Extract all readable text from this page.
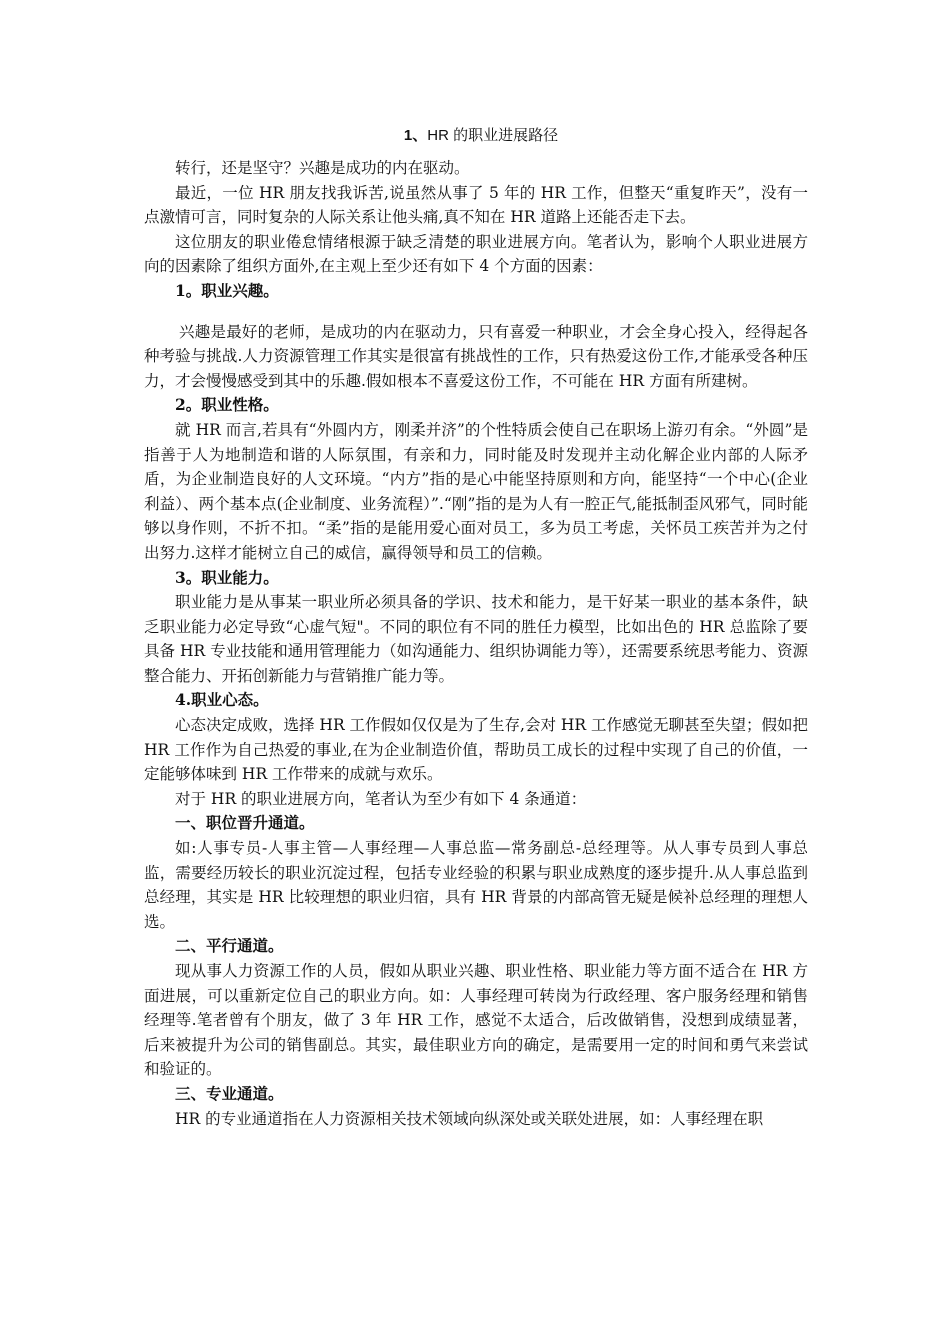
1、HR 的职业进展路径

转行，还是坚守？兴趣是成功的内在驱动。

最近，一位 HR 朋友找我诉苦,说虽然从事了 5 年的 HR 工作，但整天“重复昨天”，没有一点激情可言，同时复杂的人际关系让他头痛,真不知在 HR 道路上还能否走下去。

这位朋友的职业倦怠情绪根源于缺乏清楚的职业进展方向。笔者认为，影响个人职业进展方向的因素除了组织方面外,在主观上至少还有如下 4 个方面的因素：

1。职业兴趣。

兴趣是最好的老师，是成功的内在驱动力，只有喜爱一种职业，才会全身心投入，经得起各种考验与挑战.人力资源管理工作其实是很富有挑战性的工作，只有热爱这份工作,才能承受各种压力，才会慢慢感受到其中的乐趣.假如根本不喜爱这份工作，不可能在 HR 方面有所建树。

2。职业性格。

就 HR 而言,若具有“外圆内方，刚柔并济”的个性特质会使自己在职场上游刃有余。“外圆”是指善于人为地制造和谐的人际氛围，有亲和力，同时能及时发现并主动化解企业内部的人际矛盾，为企业制造良好的人文环境。“内方”指的是心中能坚持原则和方向，能坚持“一个中心(企业利益）、两个基本点(企业制度、业务流程）”.“刚”指的是为人有一腔正气,能抵制歪风邪气，同时能够以身作则，不折不扣。“柔”指的是能用爱心面对员工，多为员工考虑，关怀员工疾苦并为之付出努力.这样才能树立自己的威信，赢得领导和员工的信赖。

3。职业能力。

职业能力是从事某一职业所必须具备的学识、技术和能力，是干好某一职业的基本条件，缺乏职业能力必定导致“心虚气短"。不同的职位有不同的胜任力模型，比如出色的 HR 总监除了要具备 HR 专业技能和通用管理能力（如沟通能力、组织协调能力等），还需要系统思考能力、资源整合能力、开拓创新能力与营销推广能力等。

4.职业心态。

心态决定成败，选择 HR 工作假如仅仅是为了生存,会对 HR 工作感觉无聊甚至失望；假如把 HR 工作作为自己热爱的事业,在为企业制造价值，帮助员工成长的过程中实现了自己的价值，一定能够体味到 HR 工作带来的成就与欢乐。

对于 HR 的职业进展方向，笔者认为至少有如下 4 条通道：

一、职位晋升通道。

如:人事专员-人事主管—人事经理—人事总监—常务副总-总经理等。从人事专员到人事总监，需要经历较长的职业沉淀过程，包括专业经验的积累与职业成熟度的逐步提升.从人事总监到总经理，其实是 HR 比较理想的职业归宿，具有 HR 背景的内部高管无疑是候补总经理的理想人选。

二、平行通道。

现从事人力资源工作的人员，假如从职业兴趣、职业性格、职业能力等方面不适合在 HR 方面进展，可以重新定位自己的职业方向。如：人事经理可转岗为行政经理、客户服务经理和销售经理等.笔者曾有个朋友，做了 3 年 HR 工作，感觉不太适合，后改做销售，没想到成绩显著，后来被提升为公司的销售副总。其实，最佳职业方向的确定，是需要用一定的时间和勇气来尝试和验证的。

三、专业通道。

HR 的专业通道指在人力资源相关技术领域向纵深处或关联处进展，如：人事经理在职
